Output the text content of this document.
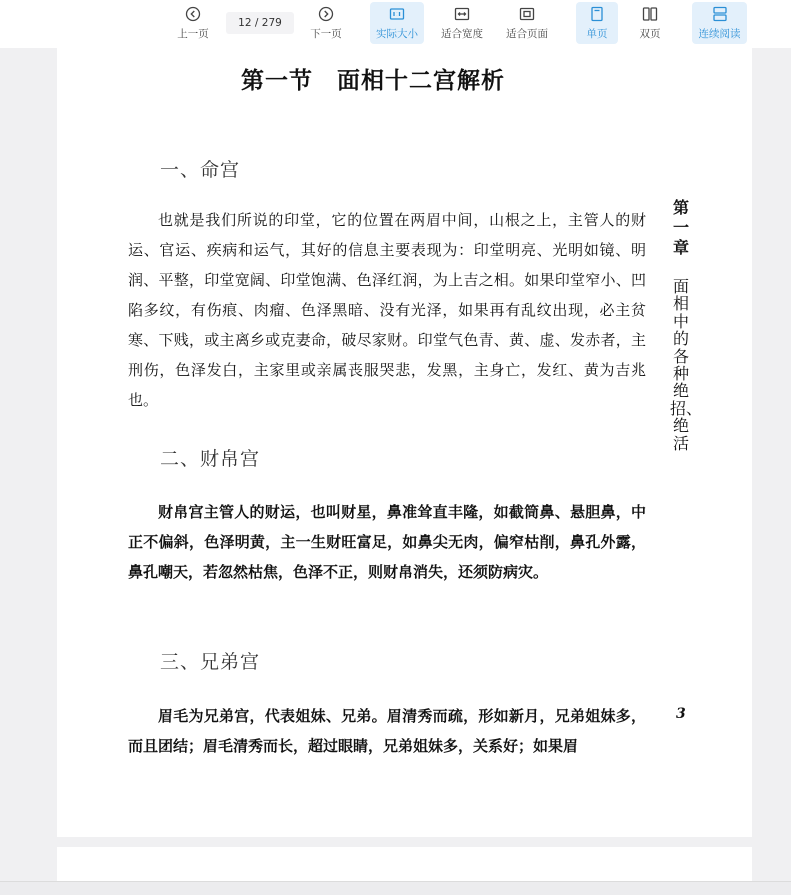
上一页
12 / 279
下一页	实际大小 适合宽度 适合页面	单页	双页	连续阅读
第一节　面相十二宫解析
一、命宫

也就是我们所说的印堂，它的位置在两眉中间，山根之上，主管人的财运、官运、疾病和运气，其好的信息主要表现为：印堂明亮、光明如镜、明润、平整，印堂宽阔、印堂饱满、色泽红润，为上吉之相。如果印堂窄小、凹陷多纹，有伤痕、肉瘤、色泽黑暗、没有光泽，如果再有乱纹出现，必主贫寒、下贱，或主离乡或克妻命，破尽家财。印堂气色青、黄、虚、发赤者，主刑伤，色泽发白，主家里或亲属丧服哭悲，发黑，主身亡，发红、黄为吉兆也。

二、财帛宫

财帛宫主管人的财运，也叫财星，鼻准耸直丰隆，如截筒鼻、悬胆鼻，中正不偏斜，色泽明黄，主一生财旺富足，如鼻尖无肉，偏窄枯削，鼻孔外露，鼻孔嘲天，若忽然枯焦，色泽不正，则财帛消失，还须防病灾。

三、兄弟宫

眉毛为兄弟宫，代表姐妹、兄弟。眉清秀而疏，形如新月，兄弟姐妹多，而且团结；眉毛清秀而长，超过眼睛，兄弟姐妹多，关系好；如果眉

第一章
面相中的各种绝招、绝活
3
